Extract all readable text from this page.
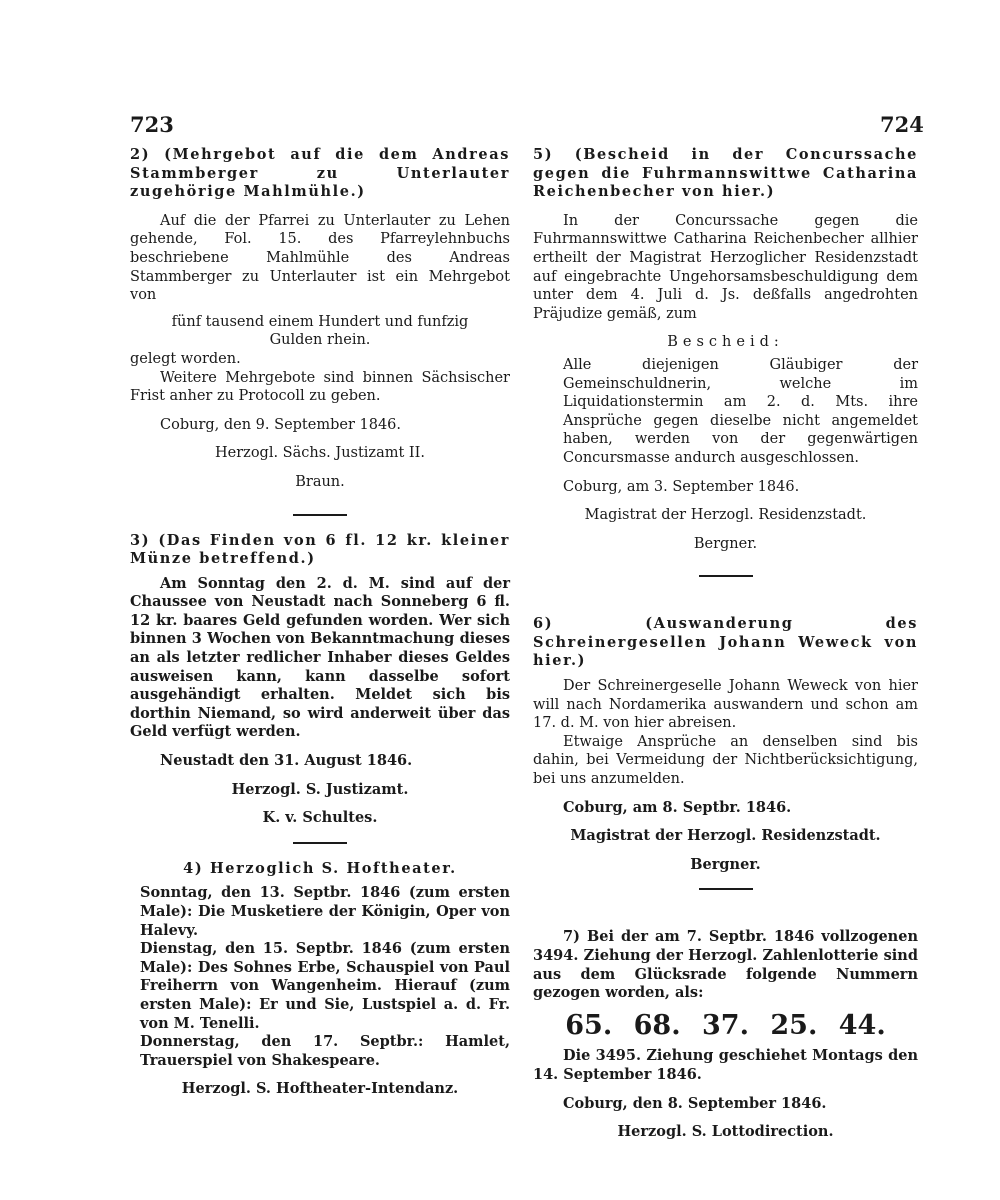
723	724

2) (Mehrgebot auf die dem Andreas Stammberger zu Unterlauter zugehörige Mahlmühle.)

Auf die der Pfarrei zu Unterlauter zu Lehen gehende, Fol. 15. des Pfarreylehnbuchs beschriebene Mahlmühle des Andreas Stammberger zu Unterlauter ist ein Mehrgebot von

fünf tausend einem Hundert und funfzig Gulden rhein.

gelegt worden.

Weitere Mehrgebote sind binnen Sächsischer Frist anher zu Protocoll zu geben.

Coburg, den 9. September 1846.

Herzogl. Sächs. Justizamt II.

Braun.

3) (Das Finden von 6 fl. 12 kr. kleiner Münze betreffend.)

Am Sonntag den 2. d. M. sind auf der Chaussee von Neustadt nach Sonneberg 6 fl. 12 kr. baares Geld gefunden worden. Wer sich binnen 3 Wochen von Bekanntmachung dieses an als letzter redlicher Inhaber dieses Geldes ausweisen kann, kann dasselbe sofort ausgehändigt erhalten. Meldet sich bis dorthin Niemand, so wird anderweit über das Geld verfügt werden.

Neustadt den 31. August 1846.

Herzogl. S. Justizamt.

K. v. Schultes.

4) Herzoglich S. Hoftheater.

Sonntag, den 13. Septbr. 1846 (zum ersten Male): Die Musketiere der Königin, Oper von Halevy.

Dienstag, den 15. Septbr. 1846 (zum ersten Male): Des Sohnes Erbe, Schauspiel von Paul Freiherrn von Wangenheim. Hierauf (zum ersten Male): Er und Sie, Lustspiel a. d. Fr. von M. Tenelli.

Donnerstag, den 17. Septbr.: Hamlet, Trauerspiel von Shakespeare.

Herzogl. S. Hoftheater-Intendanz.

5) (Bescheid in der Concurssache gegen die Fuhrmannswittwe Catharina Reichenbecher von hier.)

In der Concurssache gegen die Fuhrmannswittwe Catharina Reichenbecher allhier ertheilt der Magistrat Herzoglicher Residenzstadt auf eingebrachte Ungehorsamsbeschuldigung dem unter dem 4. Juli d. Js. deßfalls angedrohten Präjudize gemäß, zum

Bescheid:

Alle diejenigen Gläubiger der Gemeinschuldnerin, welche im Liquidationstermin am 2. d. Mts. ihre Ansprüche gegen dieselbe nicht angemeldet haben, werden von der gegenwärtigen Concursmasse andurch ausgeschlossen.

Coburg, am 3. September 1846.

Magistrat der Herzogl. Residenzstadt.

Bergner.

6) (Auswanderung des Schreinergesellen Johann Weweck von hier.)

Der Schreinergeselle Johann Weweck von hier will nach Nordamerika auswandern und schon am 17. d. M. von hier abreisen.

Etwaige Ansprüche an denselben sind bis dahin, bei Vermeidung der Nichtberücksichtigung, bei uns anzumelden.

Coburg, am 8. Septbr. 1846.

Magistrat der Herzogl. Residenzstadt.

Bergner.

7) Bei der am 7. Septbr. 1846 vollzogenen 3494. Ziehung der Herzogl. Zahlenlotterie sind aus dem Glücksrade folgende Nummern gezogen worden, als:

65. 68. 37. 25. 44.

Die 3495. Ziehung geschiehet Montags den 14. September 1846.

Coburg, den 8. September 1846.

Herzogl. S. Lottodirection.
